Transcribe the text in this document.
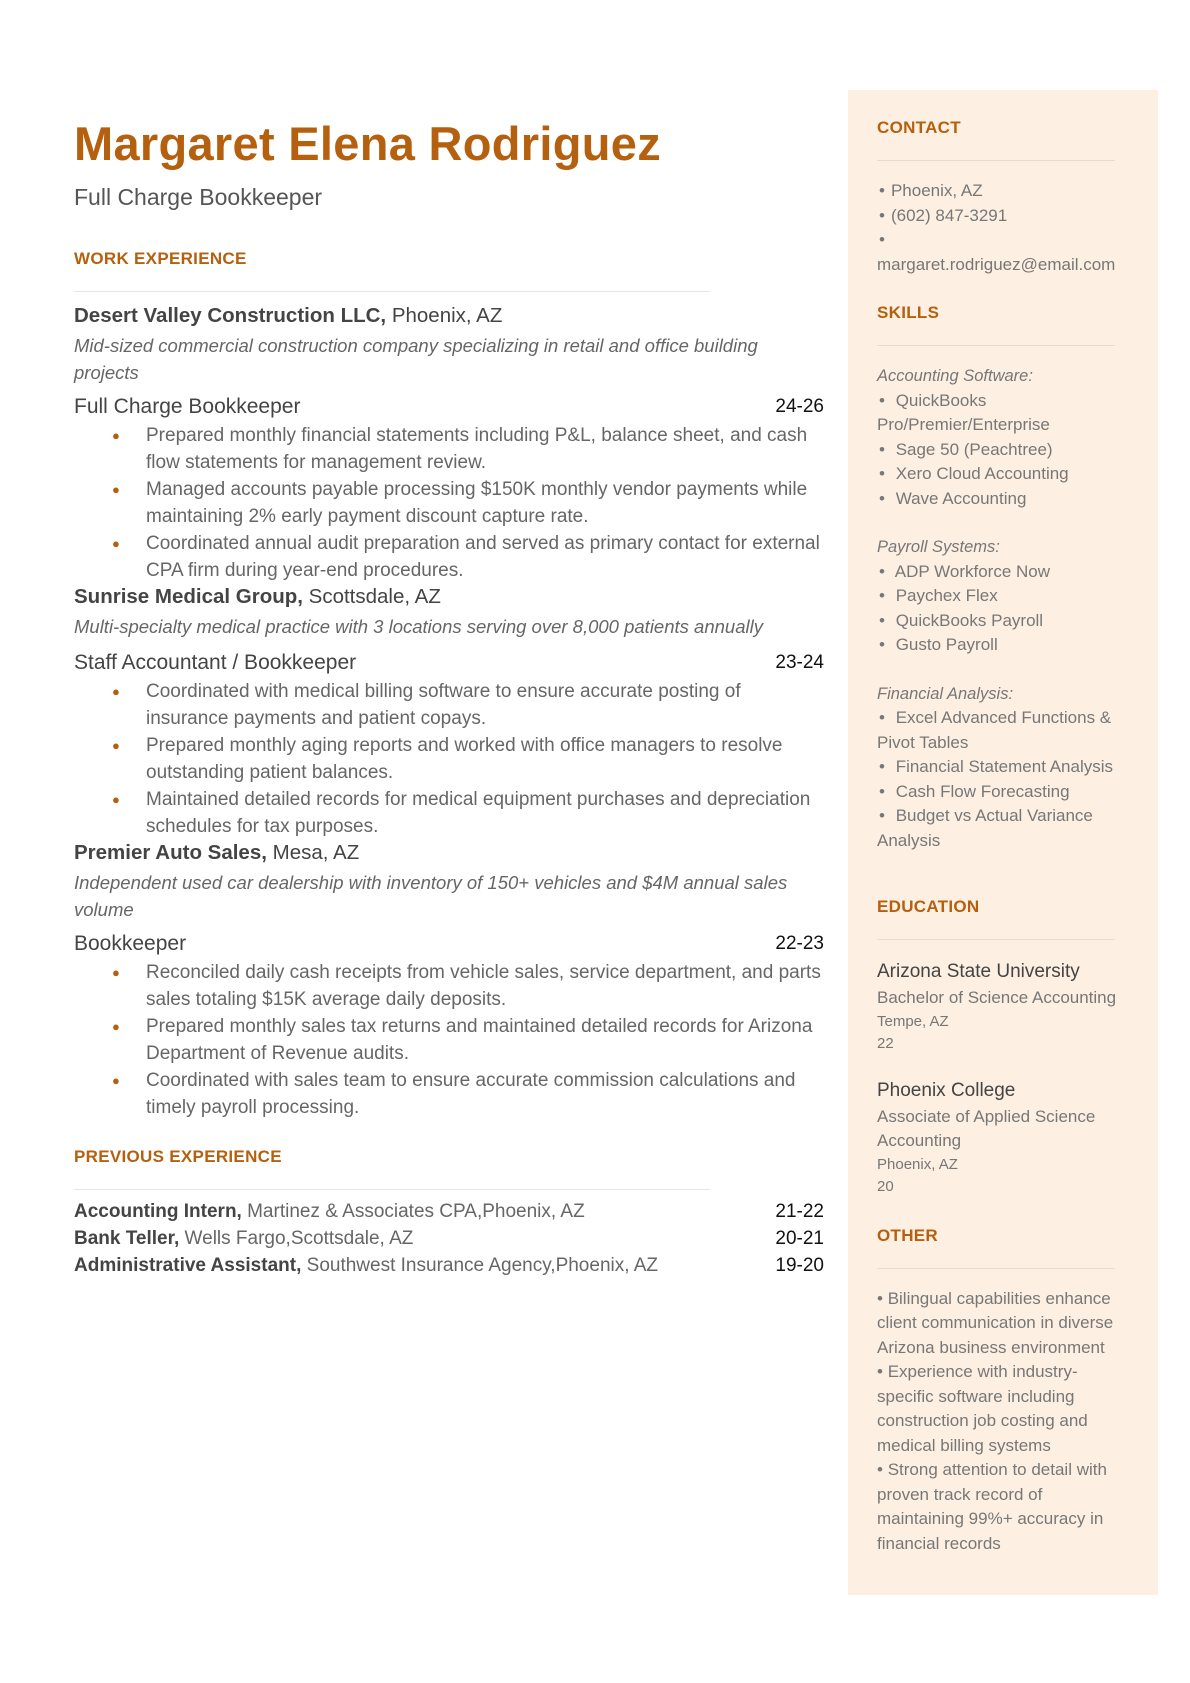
Margaret Elena Rodriguez
Full Charge Bookkeeper
WORK EXPERIENCE
Desert Valley Construction LLC, Phoenix, AZ
Mid-sized commercial construction company specializing in retail and office building projects
Full Charge Bookkeeper	24-26
● Prepared monthly financial statements including P&L, balance sheet, and cash flow statements for management review.
● Managed accounts payable processing $150K monthly vendor payments while maintaining 2% early payment discount capture rate.
● Coordinated annual audit preparation and served as primary contact for external CPA firm during year-end procedures.
Sunrise Medical Group, Scottsdale, AZ
Multi-specialty medical practice with 3 locations serving over 8,000 patients annually
Staff Accountant / Bookkeeper	23-24
● Coordinated with medical billing software to ensure accurate posting of insurance payments and patient copays.
● Prepared monthly aging reports and worked with office managers to resolve outstanding patient balances.
● Maintained detailed records for medical equipment purchases and depreciation schedules for tax purposes.
Premier Auto Sales, Mesa, AZ
Independent used car dealership with inventory of 150+ vehicles and $4M annual sales volume
Bookkeeper	22-23
● Reconciled daily cash receipts from vehicle sales, service department, and parts sales totaling $15K average daily deposits.
● Prepared monthly sales tax returns and maintained detailed records for Arizona Department of Revenue audits.
● Coordinated with sales team to ensure accurate commission calculations and timely payroll processing.
PREVIOUS EXPERIENCE
Accounting Intern, Martinez & Associates CPA,Phoenix, AZ	21-22
Bank Teller, Wells Fargo,Scottsdale, AZ	20-21
Administrative Assistant, Southwest Insurance Agency,Phoenix, AZ	19-20
CONTACT
• Phoenix, AZ
• (602) 847-3291
•
margaret.rodriguez@email.com
SKILLS
Accounting Software:
• QuickBooks Pro/Premier/Enterprise
• Sage 50 (Peachtree)
• Xero Cloud Accounting
• Wave Accounting
Payroll Systems:
• ADP Workforce Now
• Paychex Flex
• QuickBooks Payroll
• Gusto Payroll
Financial Analysis:
• Excel Advanced Functions & Pivot Tables
• Financial Statement Analysis
• Cash Flow Forecasting
• Budget vs Actual Variance Analysis
EDUCATION
Arizona State University
Bachelor of Science Accounting
Tempe, AZ
22
Phoenix College
Associate of Applied Science Accounting
Phoenix, AZ
20
OTHER
• Bilingual capabilities enhance client communication in diverse Arizona business environment
• Experience with industry-specific software including construction job costing and medical billing systems
• Strong attention to detail with proven track record of maintaining 99%+ accuracy in financial records
